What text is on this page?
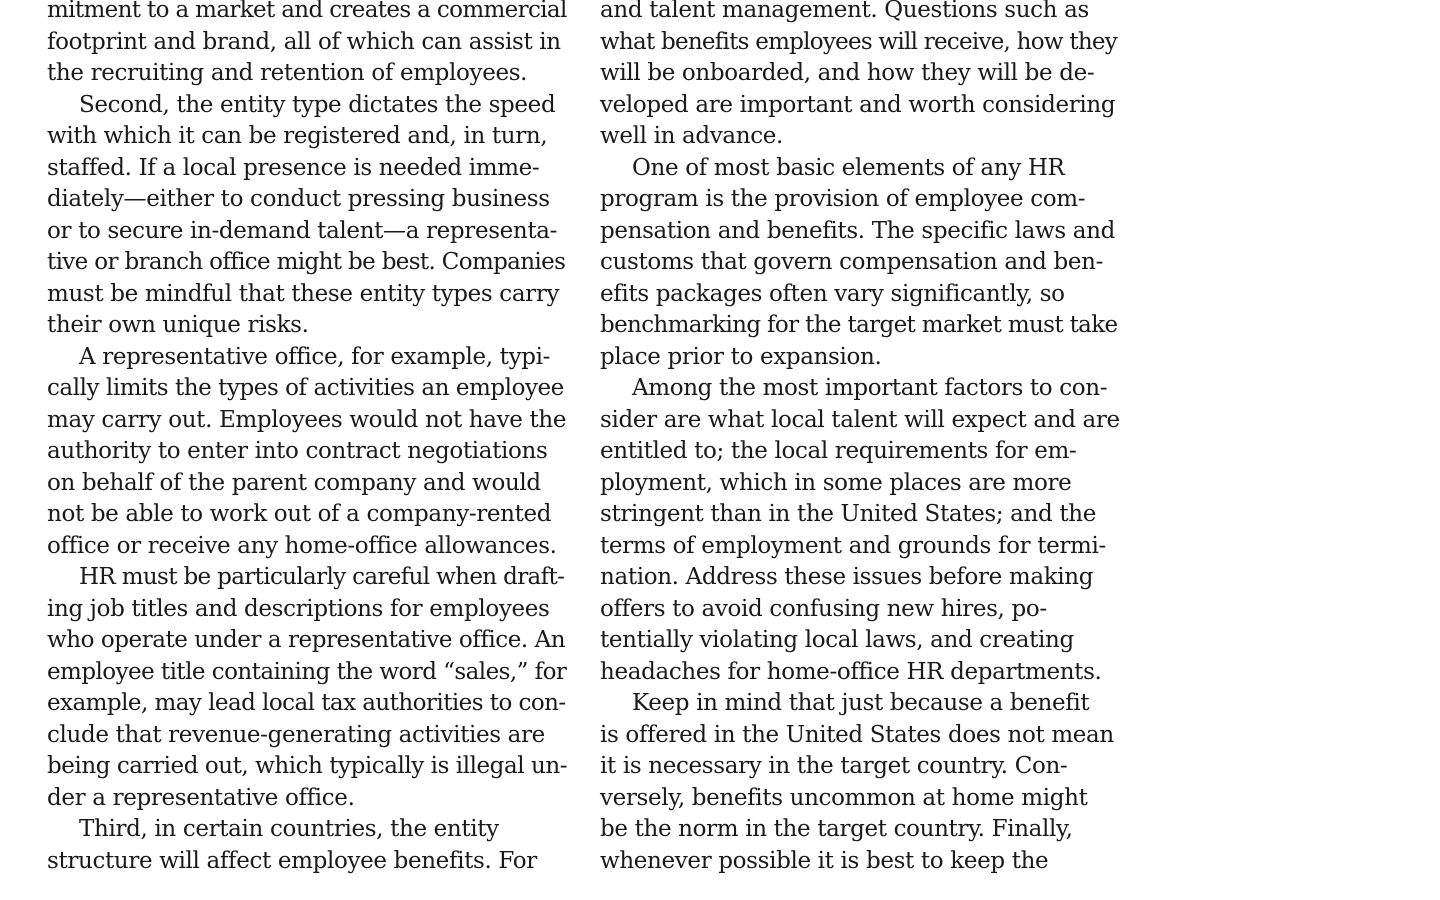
mitment to a market and creates a commercial
footprint and brand, all of which can assist in
the recruiting and retention of employees.
Second, the entity type dictates the speed
with which it can be registered and, in turn,
staffed. If a local presence is needed imme-
diately—either to conduct pressing business
or to secure in-demand talent—a representa-
tive or branch office might be best. Companies
must be mindful that these entity types carry
their own unique risks.
A representative office, for example, typi-
cally limits the types of activities an employee
may carry out. Employees would not have the
authority to enter into contract negotiations
on behalf of the parent company and would
not be able to work out of a company-rented
office or receive any home-office allowances.
HR must be particularly careful when draft-
ing job titles and descriptions for employees
who operate under a representative office. An
employee title containing the word “sales,” for
example, may lead local tax authorities to con-
clude that revenue-generating activities are
being carried out, which typically is illegal un-
der a representative office.
Third, in certain countries, the entity
structure will affect employee benefits. For
and talent management. Questions such as
what benefits employees will receive, how they
will be onboarded, and how they will be de-
veloped are important and worth considering
well in advance.
One of most basic elements of any HR
program is the provision of employee com-
pensation and benefits. The specific laws and
customs that govern compensation and ben-
efits packages often vary significantly, so
benchmarking for the target market must take
place prior to expansion.
Among the most important factors to con-
sider are what local talent will expect and are
entitled to; the local requirements for em-
ployment, which in some places are more
stringent than in the United States; and the
terms of employment and grounds for termi-
nation. Address these issues before making
offers to avoid confusing new hires, po-
tentially violating local laws, and creating
headaches for home-office HR departments.
Keep in mind that just because a benefit
is offered in the United States does not mean
it is necessary in the target country. Con-
versely, benefits uncommon at home might
be the norm in the target country. Finally,
whenever possible it is best to keep the
